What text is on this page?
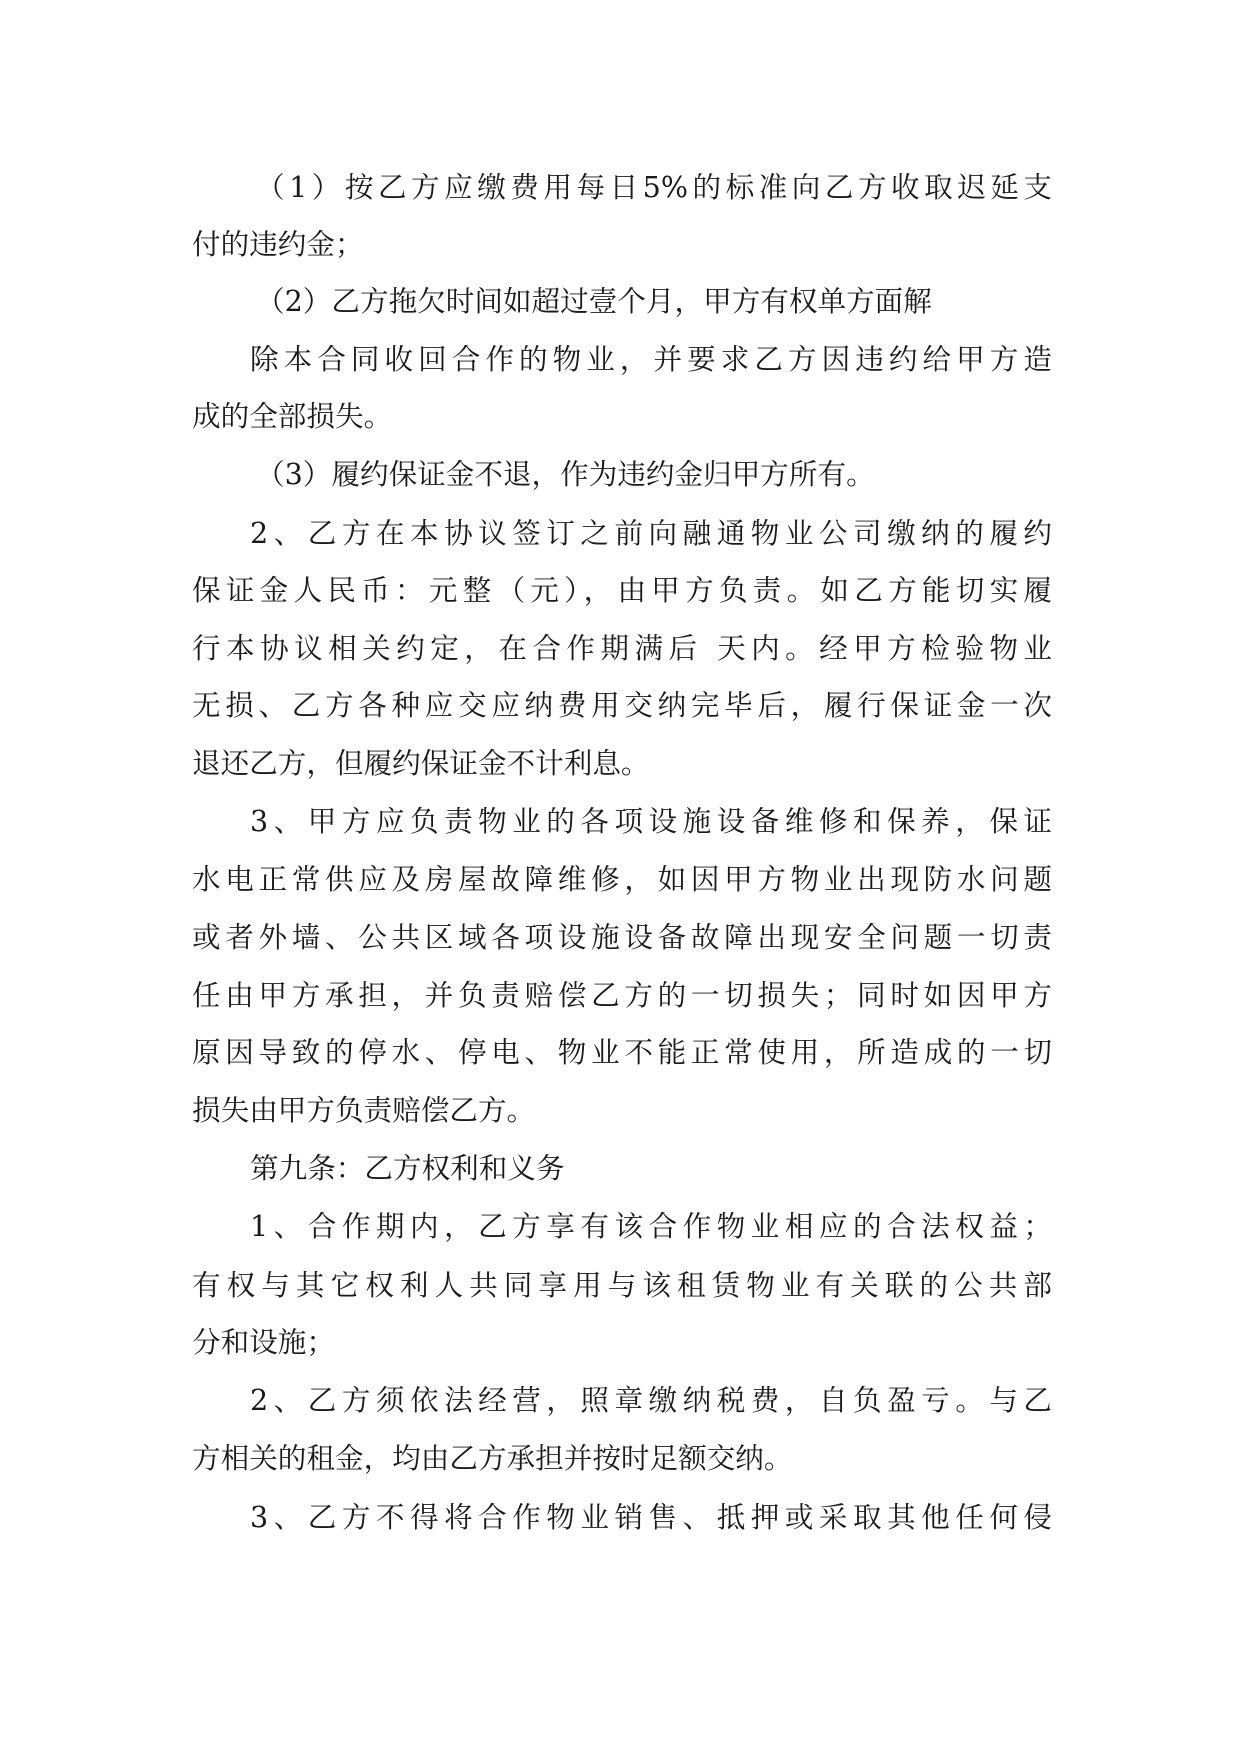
（1）按乙方应缴费用每日5%的标准向乙方收取迟延支

付的违约金；

（2）乙方拖欠时间如超过壹个月，甲方有权单方面解

除本合同收回合作的物业，并要求乙方因违约给甲方造

成的全部损失。

（3）履约保证金不退，作为违约金归甲方所有。

2、乙方在本协议签订之前向融通物业公司缴纳的履约

保证金人民币：元整（元），由甲方负责。如乙方能切实履

行本协议相关约定，在合作期满后 天内。经甲方检验物业

无损、乙方各种应交应纳费用交纳完毕后，履行保证金一次

退还乙方，但履约保证金不计利息。

3、甲方应负责物业的各项设施设备维修和保养，保证

水电正常供应及房屋故障维修，如因甲方物业出现防水问题

或者外墙、公共区域各项设施设备故障出现安全问题一切责

任由甲方承担，并负责赔偿乙方的一切损失；同时如因甲方

原因导致的停水、停电、物业不能正常使用，所造成的一切

损失由甲方负责赔偿乙方。

第九条：乙方权利和义务

1、合作期内，乙方享有该合作物业相应的合法权益；

有权与其它权利人共同享用与该租赁物业有关联的公共部

分和设施；

2、乙方须依法经营，照章缴纳税费，自负盈亏。与乙

方相关的租金，均由乙方承担并按时足额交纳。

3、乙方不得将合作物业销售、抵押或采取其他任何侵
